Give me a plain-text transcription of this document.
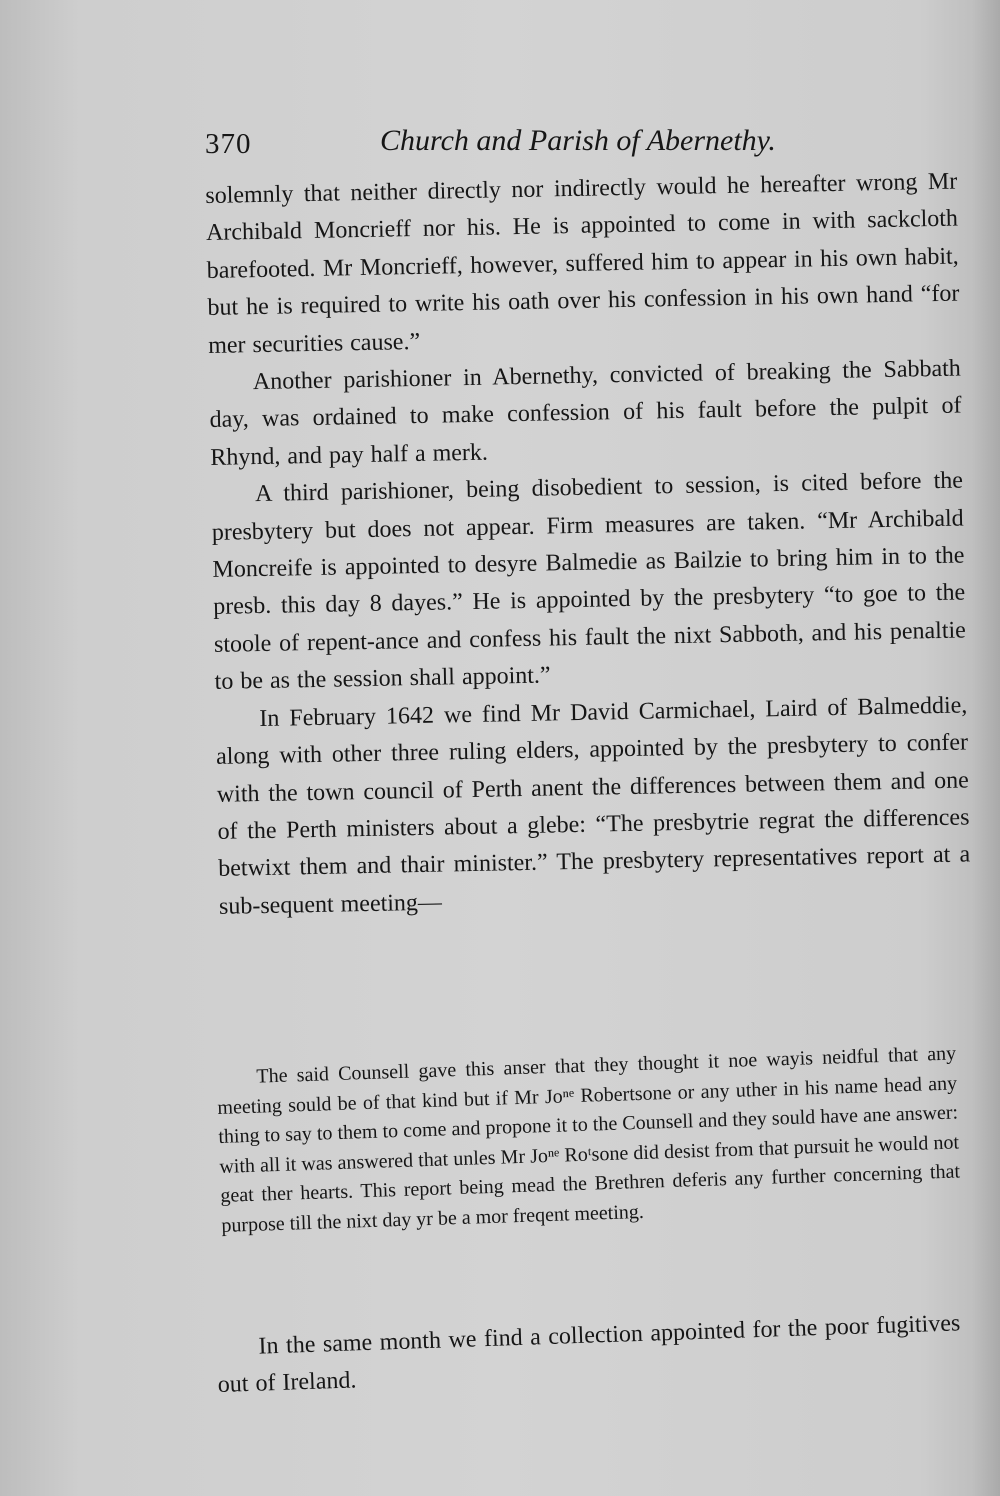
370	Church and Parish of Abernethy.

solemnly that neither directly nor indirectly would he hereafter wrong Mr Archibald Moncrieff nor his. He is appointed to come in with sackcloth barefooted. Mr Moncrieff, however, suffered him to appear in his own habit, but he is required to write his oath over his confession in his own hand “for mer securities cause.”

Another parishioner in Abernethy, convicted of breaking the Sabbath day, was ordained to make confession of his fault before the pulpit of Rhynd, and pay half a merk.

A third parishioner, being disobedient to session, is cited before the presbytery but does not appear. Firm measures are taken. “Mr Archibald Moncreife is appointed to desyre Balmedie as Bailzie to bring him in to the presb. this day 8 dayes.” He is appointed by the presbytery “to goe to the stoole of repent-ance and confess his fault the nixt Sabboth, and his penaltie to be as the session shall appoint.”

In February 1642 we find Mr David Carmichael, Laird of Balmeddie, along with other three ruling elders, appointed by the presbytery to confer with the town council of Perth anent the differences between them and one of the Perth ministers about a glebe: “The presbytrie regrat the differences betwixt them and thair minister.” The presbytery representatives report at a sub-sequent meeting—

The said Counsell gave this anser that they thought it noe wayis neidful that any meeting sould be of that kind but if Mr Joⁿᵉ Robertsone or any uther in his name head any thing to say to them to come and propone it to the Counsell and they sould have ane answer: with all it was answered that unles Mr Joⁿᵉ Roᵗsone did desist from that pursuit he would not geat ther hearts. This report being mead the Brethren deferis any further concerning that purpose till the nixt day yr be a mor freqent meeting.

In the same month we find a collection appointed for the poor fugitives out of Ireland.
